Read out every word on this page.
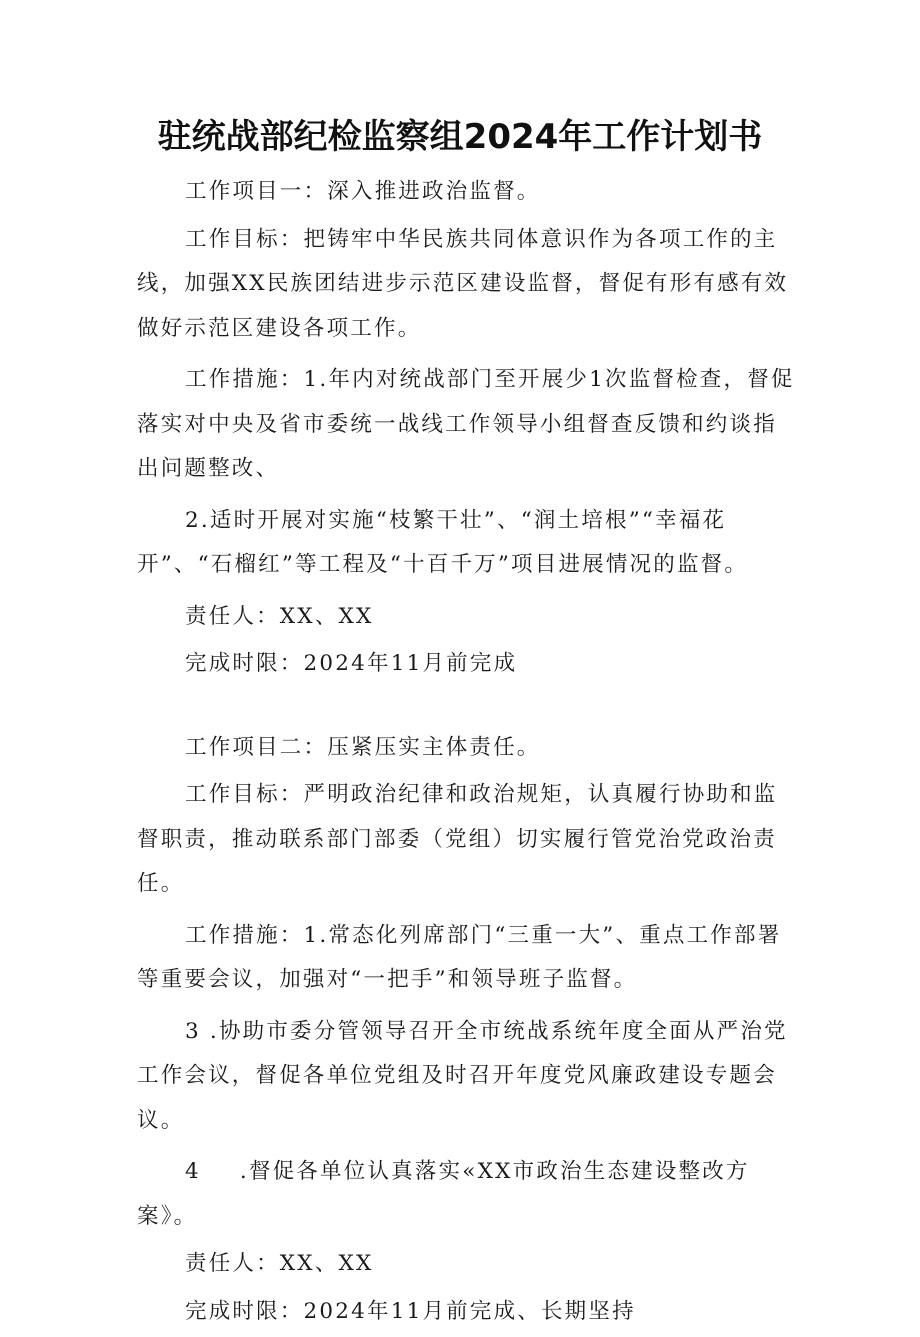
驻统战部纪检监察组2024年工作计划书

工作项目一：深入推进政治监督。

工作目标：把铸牢中华民族共同体意识作为各项工作的主线，加强XX民族团结进步示范区建设监督，督促有形有感有效做好示范区建设各项工作。

工作措施：1.年内对统战部门至开展少1次监督检查，督促落实对中央及省市委统一战线工作领导小组督查反馈和约谈指出问题整改、

2.适时开展对实施“枝繁干壮”、“润土培根”“幸福花开”、“石榴红”等工程及“十百千万”项目进展情况的监督。

责任人：XX、XX

完成时限：2024年11月前完成

工作项目二：压紧压实主体责任。

工作目标：严明政治纪律和政治规矩，认真履行协助和监督职责，推动联系部门部委（党组）切实履行管党治党政治责任。

工作措施：1.常态化列席部门“三重一大”、重点工作部署等重要会议，加强对“一把手”和领导班子监督。

3 .协助市委分管领导召开全市统战系统年度全面从严治党工作会议，督促各单位党组及时召开年度党风廉政建设专题会议。

4 .督促各单位认真落实«XX市政治生态建设整改方案》。

责任人：XX、XX

完成时限：2024年11月前完成、长期坚持
